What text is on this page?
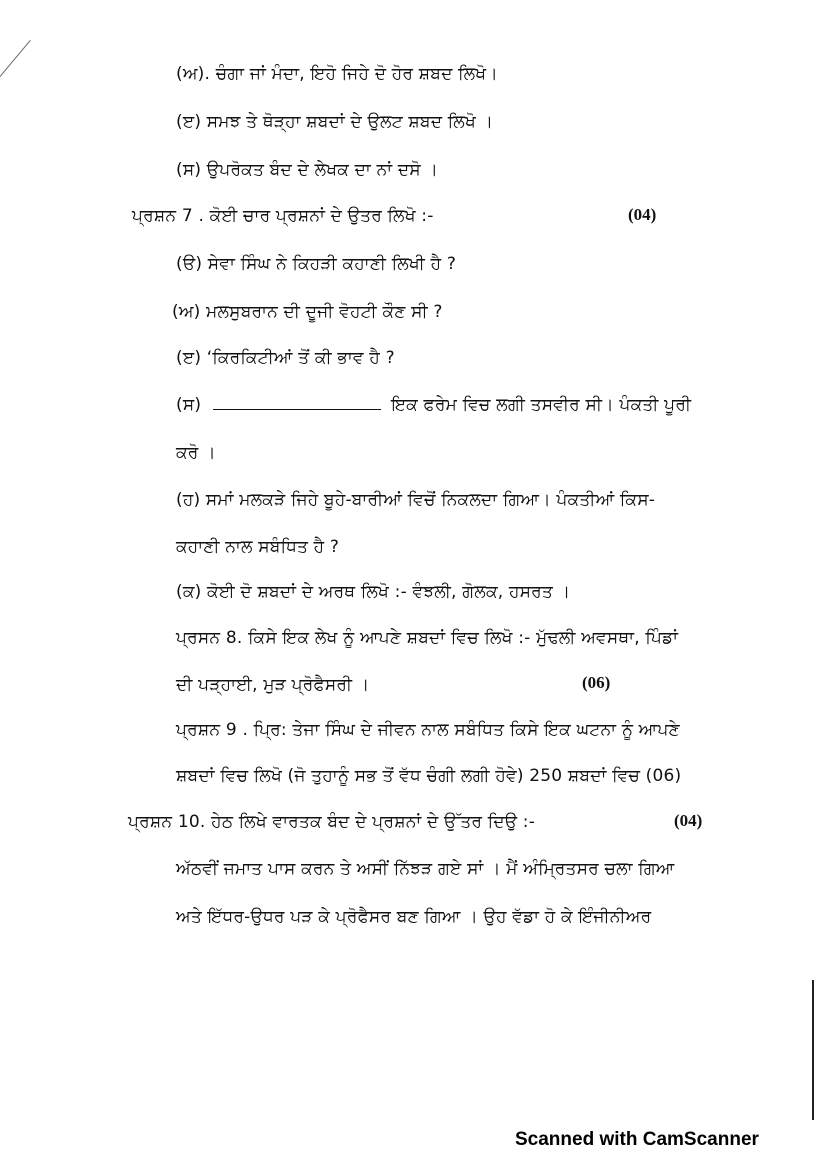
(ਅ). ਚੰਗਾ ਜਾਂ ਮੰਦਾ, ਇਹੋ ਜਿਹੇ ਦੋ ਹੋਰ ਸ਼ਬਦ ਲਿਖੋ।
(ੲ) ਸਮਝ ਤੇ ਥੋੜ੍ਹਾ ਸ਼ਬਦਾਂ ਦੇ ਉਲਟ ਸ਼ਬਦ ਲਿਖੋ ।
(ਸ) ਉਪਰੋਕਤ ਬੰਦ ਦੇ ਲੇਖਕ ਦਾ ਨਾਂ ਦਸੋ ।
ਪ੍ਰਸ਼ਨ 7 . ਕੋਈ ਚਾਰ ਪ੍ਰਸ਼ਨਾਂ ਦੇ ਉਤਰ ਲਿਖੋ :-	(04)
(ੳ) ਸੇਵਾ ਸਿੰਘ ਨੇ ਕਿਹੜੀ ਕਹਾਣੀ ਲਿਖੀ ਹੈ ?
(ਅ) ਮਲਸੁਬਰਾਨ ਦੀ ਦੂਜੀ ਵੋਹਟੀ ਕੌਣ ਸੀ ?
(ੲ) ‘ਕਿਰਕਿਟੀਆਂ ਤੋਂ ਕੀ ਭਾਵ ਹੈ ?
(ਸ)	ਇਕ ਫਰੇਮ ਵਿਚ ਲਗੀ ਤਸਵੀਰ ਸੀ। ਪੰਕਤੀ ਪੂਰੀ
ਕਰੋ ।
(ਹ) ਸਮਾਂ ਮਲਕੜੇ ਜਿਹੇ ਬੂਹੇ-ਬਾਰੀਆਂ ਵਿਚੋਂ ਨਿਕਲਦਾ ਗਿਆ। ਪੰਕਤੀਆਂ ਕਿਸ-
ਕਹਾਣੀ ਨਾਲ ਸਬੰਧਿਤ ਹੈ ?
(ਕ) ਕੋਈ ਦੋ ਸ਼ਬਦਾਂ ਦੇ ਅਰਥ ਲਿਖੋ :- ਵੰਝਲੀ, ਗੋਲਕ, ਹਸਰਤ ।
ਪ੍ਰਸਨ 8. ਕਿਸੇ ਇਕ ਲੇਖ ਨੂੰ ਆਪਣੇ ਸ਼ਬਦਾਂ ਵਿਚ ਲਿਖੋ :- ਮੁੱਢਲੀ ਅਵਸਥਾ, ਪਿੰਡਾਂ
ਦੀ ਪੜ੍ਹਾਈ, ਮੁੜ ਪ੍ਰੋਫੈਸਰੀ ।	(06)
ਪ੍ਰਸ਼ਨ 9 . ਪ੍ਰਿ: ਤੇਜਾ ਸਿੰਘ ਦੇ ਜੀਵਨ ਨਾਲ ਸਬੰਧਿਤ ਕਿਸੇ ਇਕ ਘਟਨਾ ਨੂੰ ਆਪਣੇ
ਸ਼ਬਦਾਂ ਵਿਚ ਲਿਖੋ (ਜੋ ਤੁਹਾਨੂੰ ਸਭ ਤੋਂ ਵੱਧ ਚੰਗੀ ਲਗੀ ਹੋਵੇ) 250 ਸ਼ਬਦਾਂ ਵਿਚ (06)
ਪ੍ਰਸ਼ਨ 10. ਹੇਠ ਲਿਖੇ ਵਾਰਤਕ ਬੰਦ ਦੇ ਪ੍ਰਸ਼ਨਾਂ ਦੇ ਉੱਤਰ ਦਿਉ :-	(04)
ਅੱਠਵੀਂ ਜਮਾਤ ਪਾਸ ਕਰਨ ਤੇ ਅਸੀਂ ਨਿੱਝੜ ਗਏ ਸਾਂ । ਮੈਂ ਅੰਮ੍ਰਿਤਸਰ ਚਲਾ ਗਿਆ
ਅਤੇ ਇੱਧਰ-ਉਧਰ ਪੜ ਕੇ ਪ੍ਰੋਫੈਸਰ ਬਣ ਗਿਆ । ਉਹ ਵੱਡਾ ਹੋ ਕੇ ਇੰਜੀਨੀਅਰ
Scanned with CamScanner
